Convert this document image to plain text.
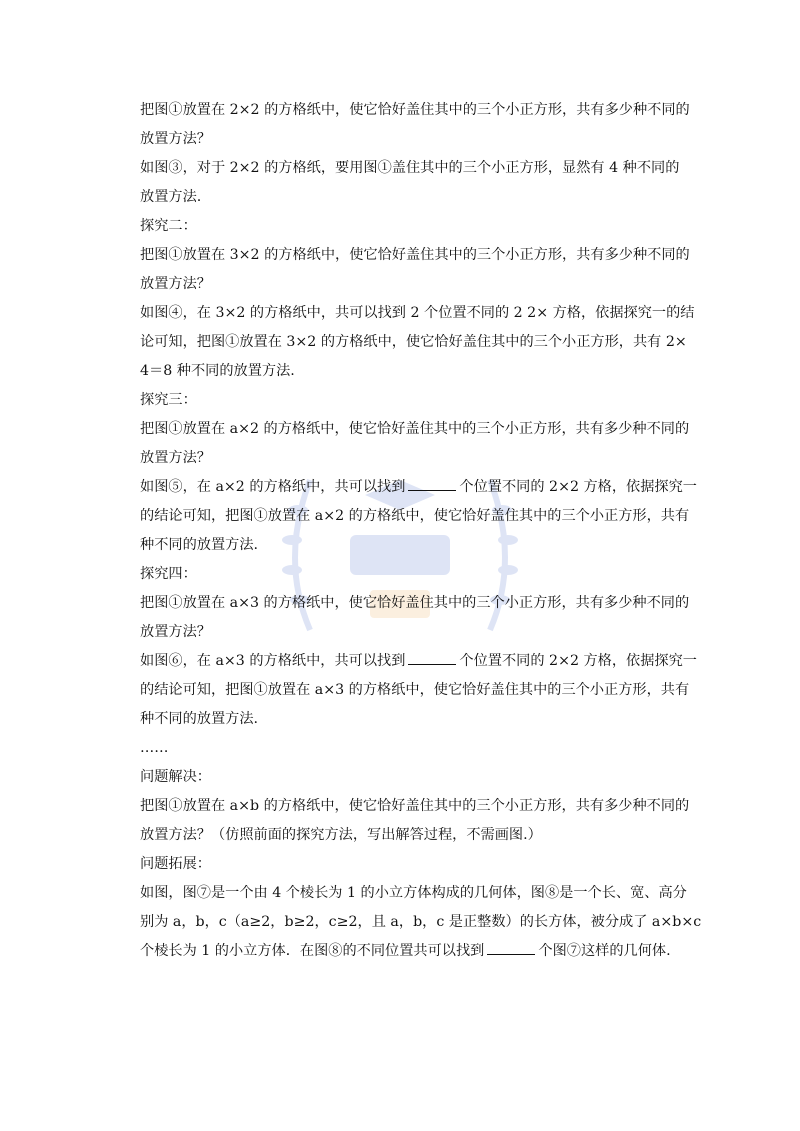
把图①放置在 2×2 的方格纸中，使它恰好盖住其中的三个小正方形，共有多少种不同的

放置方法？

如图③，对于 2×2 的方格纸，要用图①盖住其中的三个小正方形，显然有 4 种不同的

放置方法.

探究二：

把图①放置在 3×2 的方格纸中，使它恰好盖住其中的三个小正方形，共有多少种不同的

放置方法？

如图④，在 3×2 的方格纸中，共可以找到 2 个位置不同的 2 2× 方格，依据探究一的结

论可知，把图①放置在 3×2 的方格纸中，使它恰好盖住其中的三个小正方形，共有 2×

4＝8 种不同的放置方法.

探究三：

把图①放置在 a×2 的方格纸中，使它恰好盖住其中的三个小正方形，共有多少种不同的

放置方法？

如图⑤，在 a×2 的方格纸中，共可以找到	个位置不同的 2×2 方格，依据探究一

的结论可知，把图①放置在 a×2 的方格纸中，使它恰好盖住其中的三个小正方形，共有

种不同的放置方法.

探究四：

把图①放置在 a×3 的方格纸中，使它恰好盖住其中的三个小正方形，共有多少种不同的

放置方法？

如图⑥，在 a×3 的方格纸中，共可以找到	个位置不同的 2×2 方格，依据探究一

的结论可知，把图①放置在 a×3 的方格纸中，使它恰好盖住其中的三个小正方形，共有

种不同的放置方法.

……

问题解决：

把图①放置在 a×b 的方格纸中，使它恰好盖住其中的三个小正方形，共有多少种不同的

放置方法？（仿照前面的探究方法，写出解答过程，不需画图.）

问题拓展：

如图，图⑦是一个由 4 个棱长为 1 的小立方体构成的几何体，图⑧是一个长、宽、高分

别为 a，b，c（a≥2，b≥2，c≥2，且 a，b，c 是正整数）的长方体，被分成了 a×b×c

个棱长为 1 的小立方体．在图⑧的不同位置共可以找到	个图⑦这样的几何体.
